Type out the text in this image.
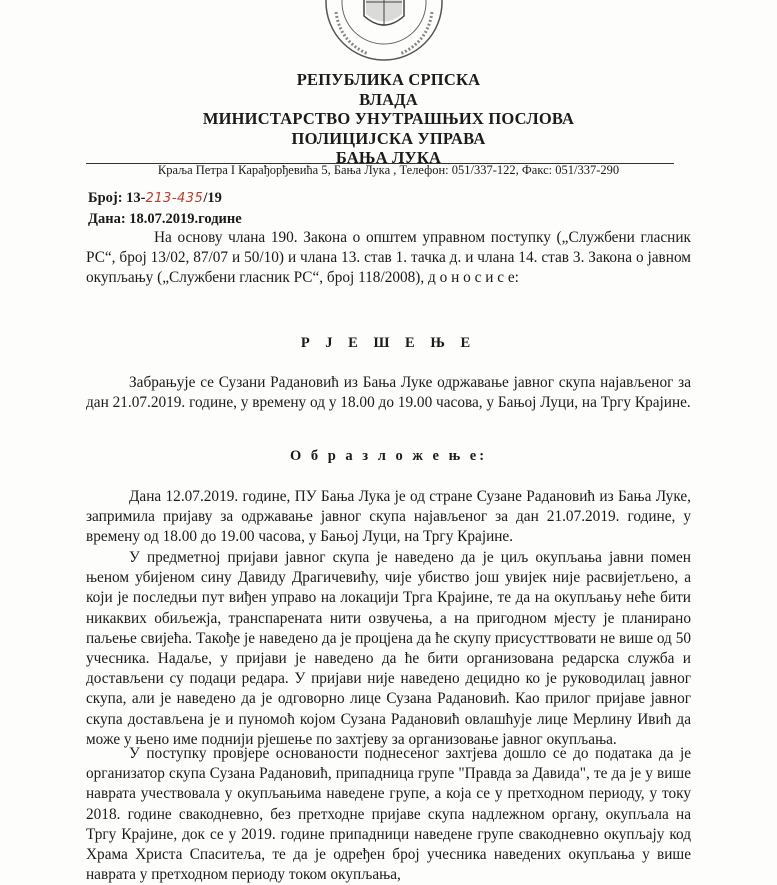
РЕПУБЛИКА СРПСКА
ВЛАДА
МИНИСТАРСТВО УНУТРАШЊИХ ПОСЛОВА
ПОЛИЦИЈСКА УПРАВА
БАЊА ЛУКА
Краља Петра I Карађорђевића 5, Бања Лука , Телефон: 051/337-122, Факс: 051/337-290
Број: 13-213-435/19
Дана: 18.07.2019.године

На основу члана 190. Закона о општем управном поступку („Службени гласник РС“, број 13/02, 87/07 и 50/10) и члана 13. став 1. тачка д. и члана 14. став 3. Закона о јавном окупљању („Службени гласник РС“, број 118/2008), д о н о с и с е:

Р Ј Е Ш Е Њ Е

Забрањује се Сузани Радановић из Бања Луке одржавање јавног скупа најављеног за дан 21.07.2019. године, у времену од у 18.00 до 19.00 часова, у Бањој Луци, на Тргу Крајине.

О б р а з л о ж е њ е:

Дана 12.07.2019. године, ПУ Бања Лука је од стране Сузане Радановић из Бања Луке, запримила пријаву за одржавање јавног скупа најављеног за дан 21.07.2019. године, у времену од 18.00 до 19.00 часова, у Бањој Луци, на Тргу Крајине.

У предметној пријави јавног скупа је наведено да је циљ окупљања јавни помен њеном убијеном сину Давиду Драгичевићу, чије убиство још увијек није расвијетљено, а који је последњи пут виђен управо на локацији Трга Крајине, те да на окупљању неће бити никаквих обиљежја, транспарената нити озвучења, а на пригодном мјесту је планирано паљење свијећа. Такође је наведено да је процјена да ће скупу присусттвовати не више од 50 учесника. Надаље, у пријави је наведено да ће бити организована редарска служба и достављени су подаци редара. У пријави није наведено децидно ко је руководилац јавног скупа, али је наведено да је одговорно лице Сузана Радановић. Као прилог пријаве јавног скупа достављена је и пуномоћ којом Сузана Радановић овлашћује лице Мерлину Ивић да може у њено име поднији рјешење по захтјеву за организовање јавног окупљања.

У поступку провјере основаности поднесеног захтјева дошло се до података да је организатор скупа Сузана Радановић, припадница групе "Правда за Давида", те да је у више наврата учествовала у окупљањима наведене групе, а која се у претходном периоду, у току 2018. године свакодневно, без претходне пријаве скупа надлежном органу, окупљала на Тргу Крајине, док се у 2019. године припадници наведене групе свакодневно окупљају код Храма Христа Спаситеља, те да је одређен број учесника наведених окупљања у више наврата у претходном периоду током окупљања,
